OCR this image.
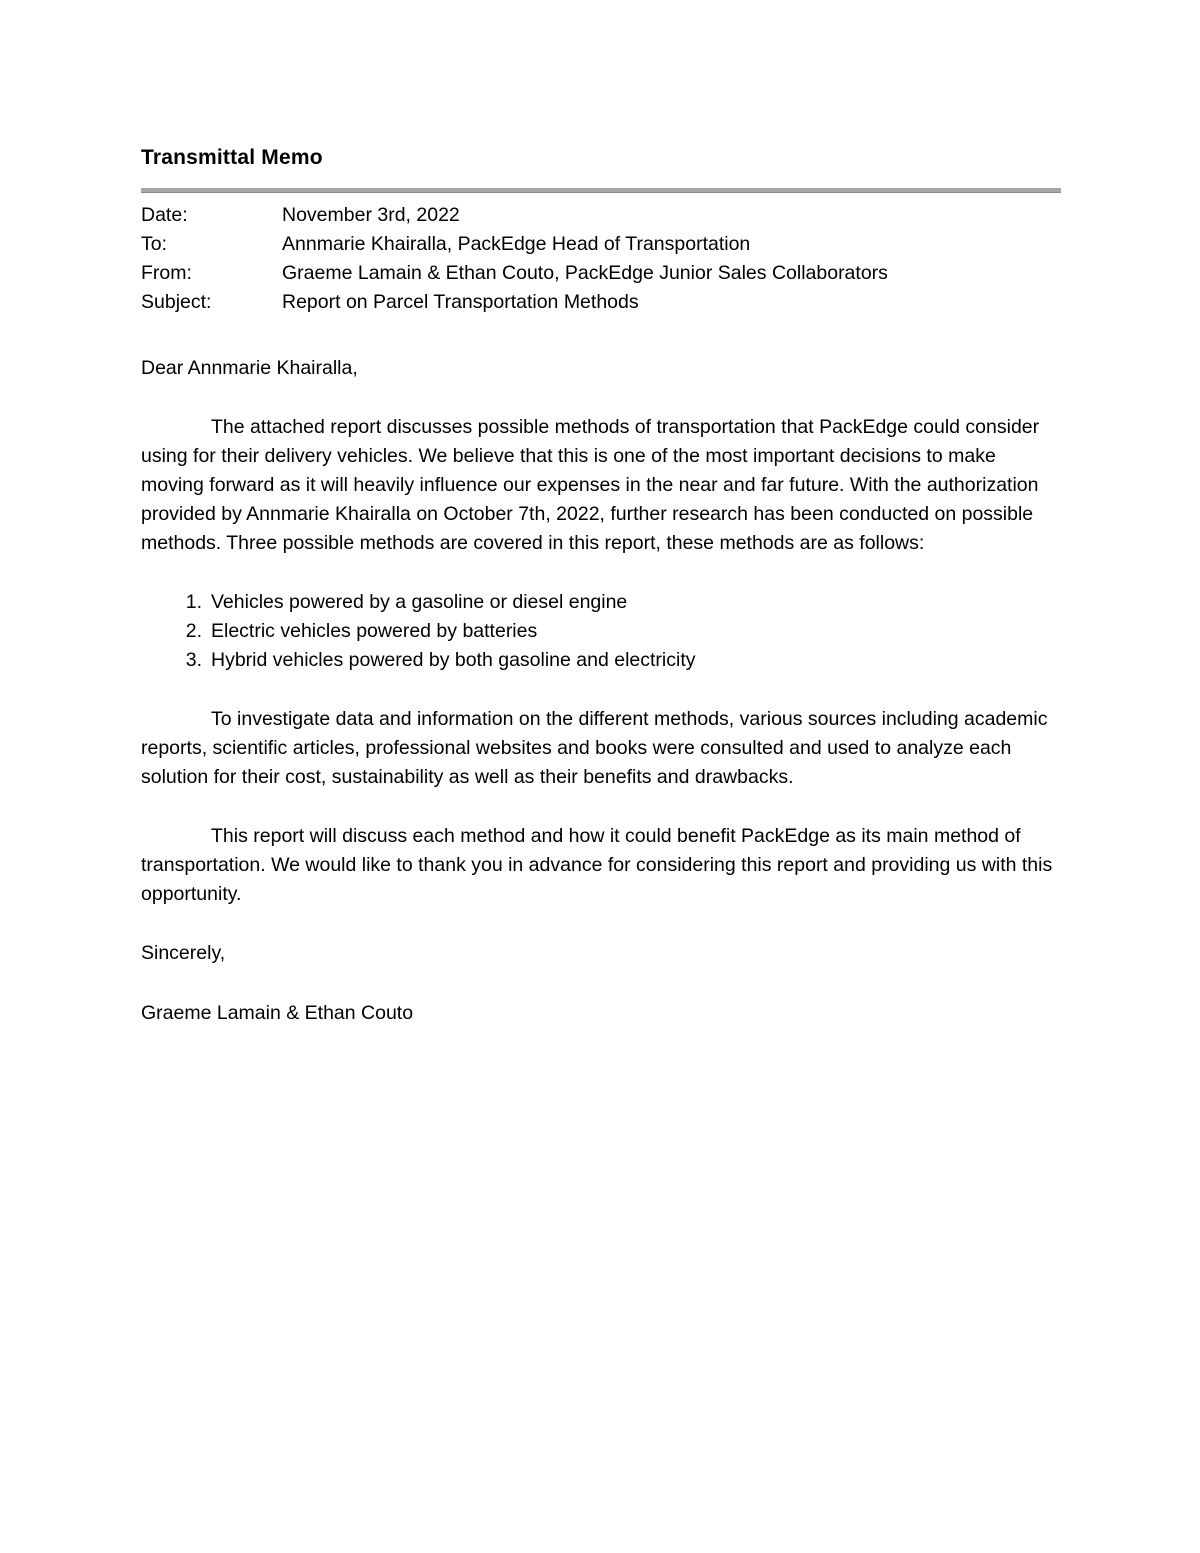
Transmittal Memo
Date:	November 3rd, 2022
To:	Annmarie Khairalla, PackEdge Head of Transportation
From:	Graeme Lamain & Ethan Couto, PackEdge Junior Sales Collaborators
Subject:	Report on Parcel Transportation Methods
Dear Annmarie Khairalla,
The attached report discusses possible methods of transportation that PackEdge could consider using for their delivery vehicles. We believe that this is one of the most important decisions to make moving forward as it will heavily influence our expenses in the near and far future. With the authorization provided by Annmarie Khairalla on October 7th, 2022, further research has been conducted on possible methods. Three possible methods are covered in this report, these methods are as follows:
1. Vehicles powered by a gasoline or diesel engine
2. Electric vehicles powered by batteries
3. Hybrid vehicles powered by both gasoline and electricity
To investigate data and information on the different methods, various sources including academic reports, scientific articles, professional websites and books were consulted and used to analyze each solution for their cost, sustainability as well as their benefits and drawbacks.
This report will discuss each method and how it could benefit PackEdge as its main method of transportation. We would like to thank you in advance for considering this report and providing us with this opportunity.
Sincerely,
Graeme Lamain & Ethan Couto
